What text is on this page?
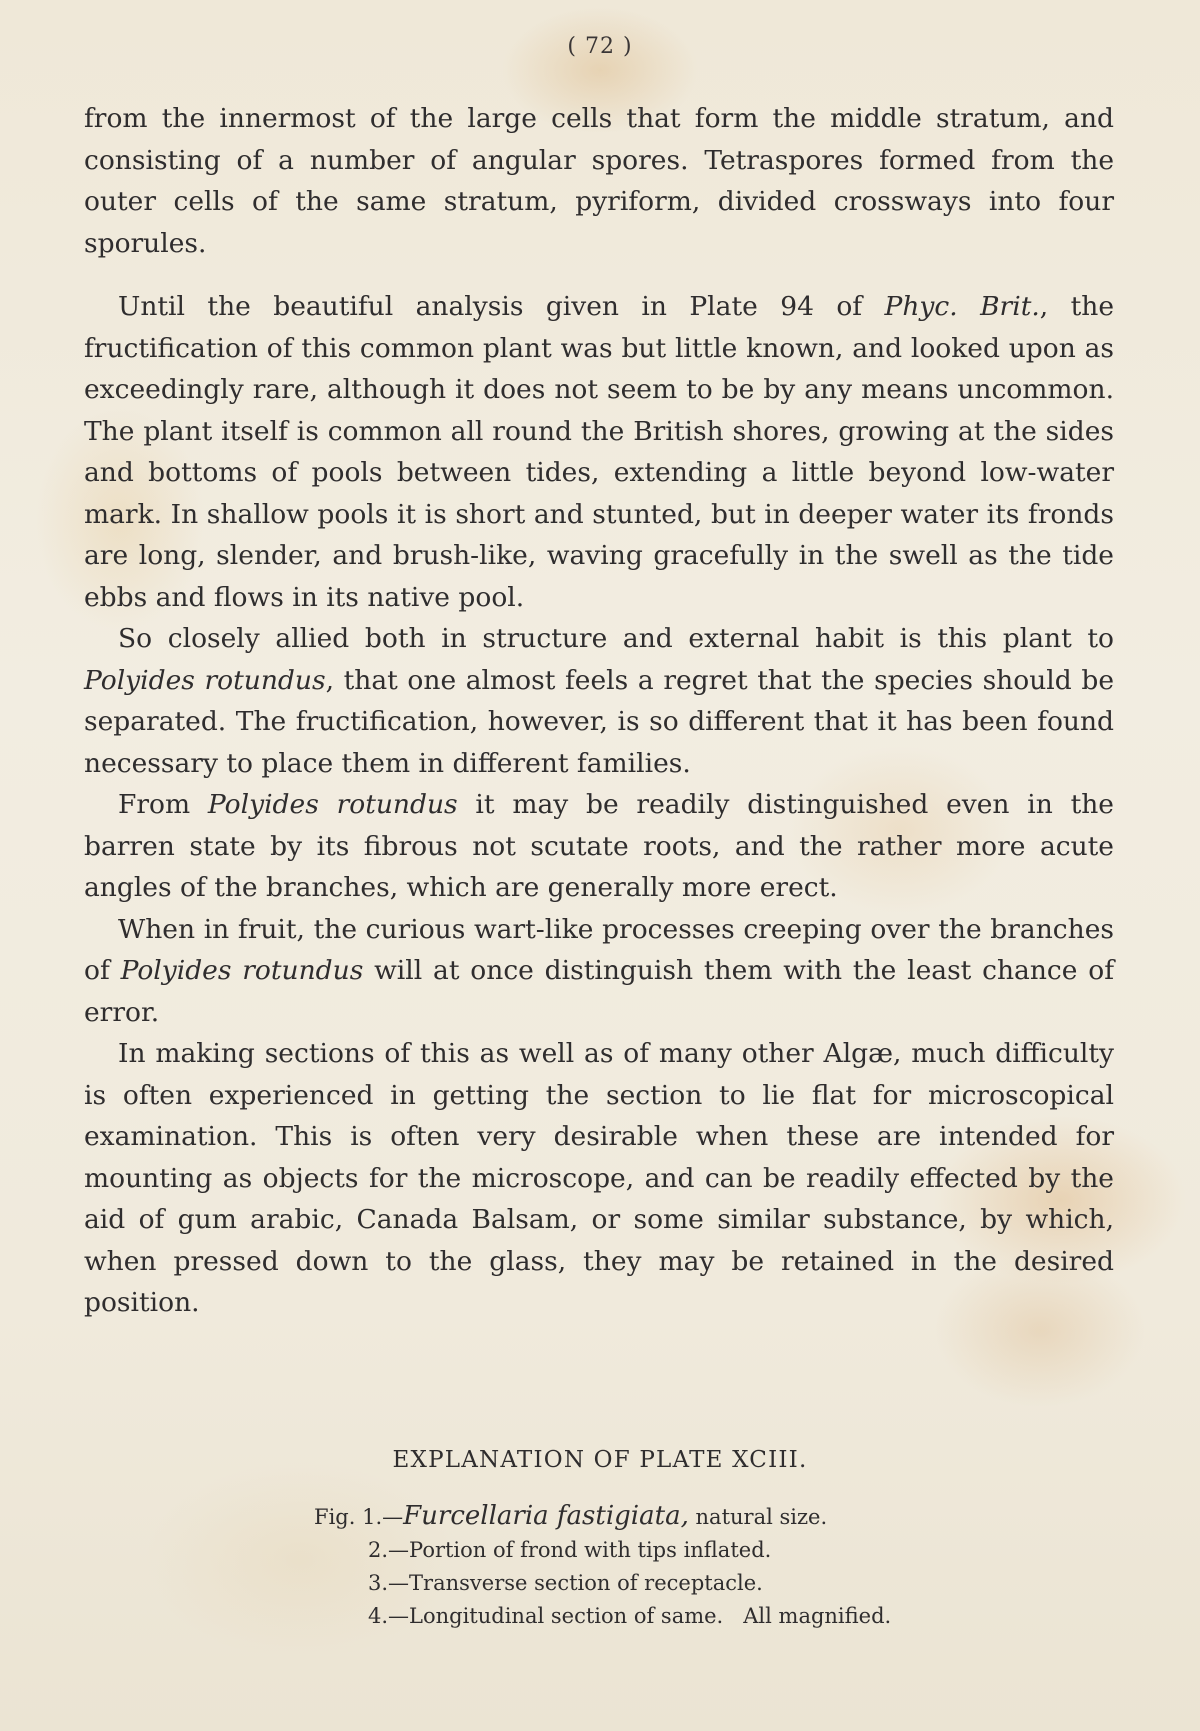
( 72 )

from the innermost of the large cells that form the middle stratum, and consisting of a number of angular spores. Tetraspores formed from the outer cells of the same stratum, pyriform, divided crossways into four sporules.

Until the beautiful analysis given in Plate 94 of Phyc. Brit., the fructification of this common plant was but little known, and looked upon as exceedingly rare, although it does not seem to be by any means uncommon. The plant itself is common all round the British shores, growing at the sides and bottoms of pools between tides, extending a little beyond low-water mark. In shallow pools it is short and stunted, but in deeper water its fronds are long, slender, and brush-like, waving gracefully in the swell as the tide ebbs and flows in its native pool.

So closely allied both in structure and external habit is this plant to Polyides rotundus, that one almost feels a regret that the species should be separated. The fructification, however, is so different that it has been found necessary to place them in different families.

From Polyides rotundus it may be readily distinguished even in the barren state by its fibrous not scutate roots, and the rather more acute angles of the branches, which are generally more erect.

When in fruit, the curious wart-like processes creeping over the branches of Polyides rotundus will at once distinguish them with the least chance of error.

In making sections of this as well as of many other Algæ, much difficulty is often experienced in getting the section to lie flat for microscopical examination. This is often very desirable when these are intended for mounting as objects for the microscope, and can be readily effected by the aid of gum arabic, Canada Balsam, or some similar substance, by which, when pressed down to the glass, they may be retained in the desired position.

EXPLANATION OF PLATE XCIII.
Fig. 1.—Furcellaria fastigiata, natural size.
2.—Portion of frond with tips inflated.
3.—Transverse section of receptacle.
4.—Longitudinal section of same.   All magnified.
